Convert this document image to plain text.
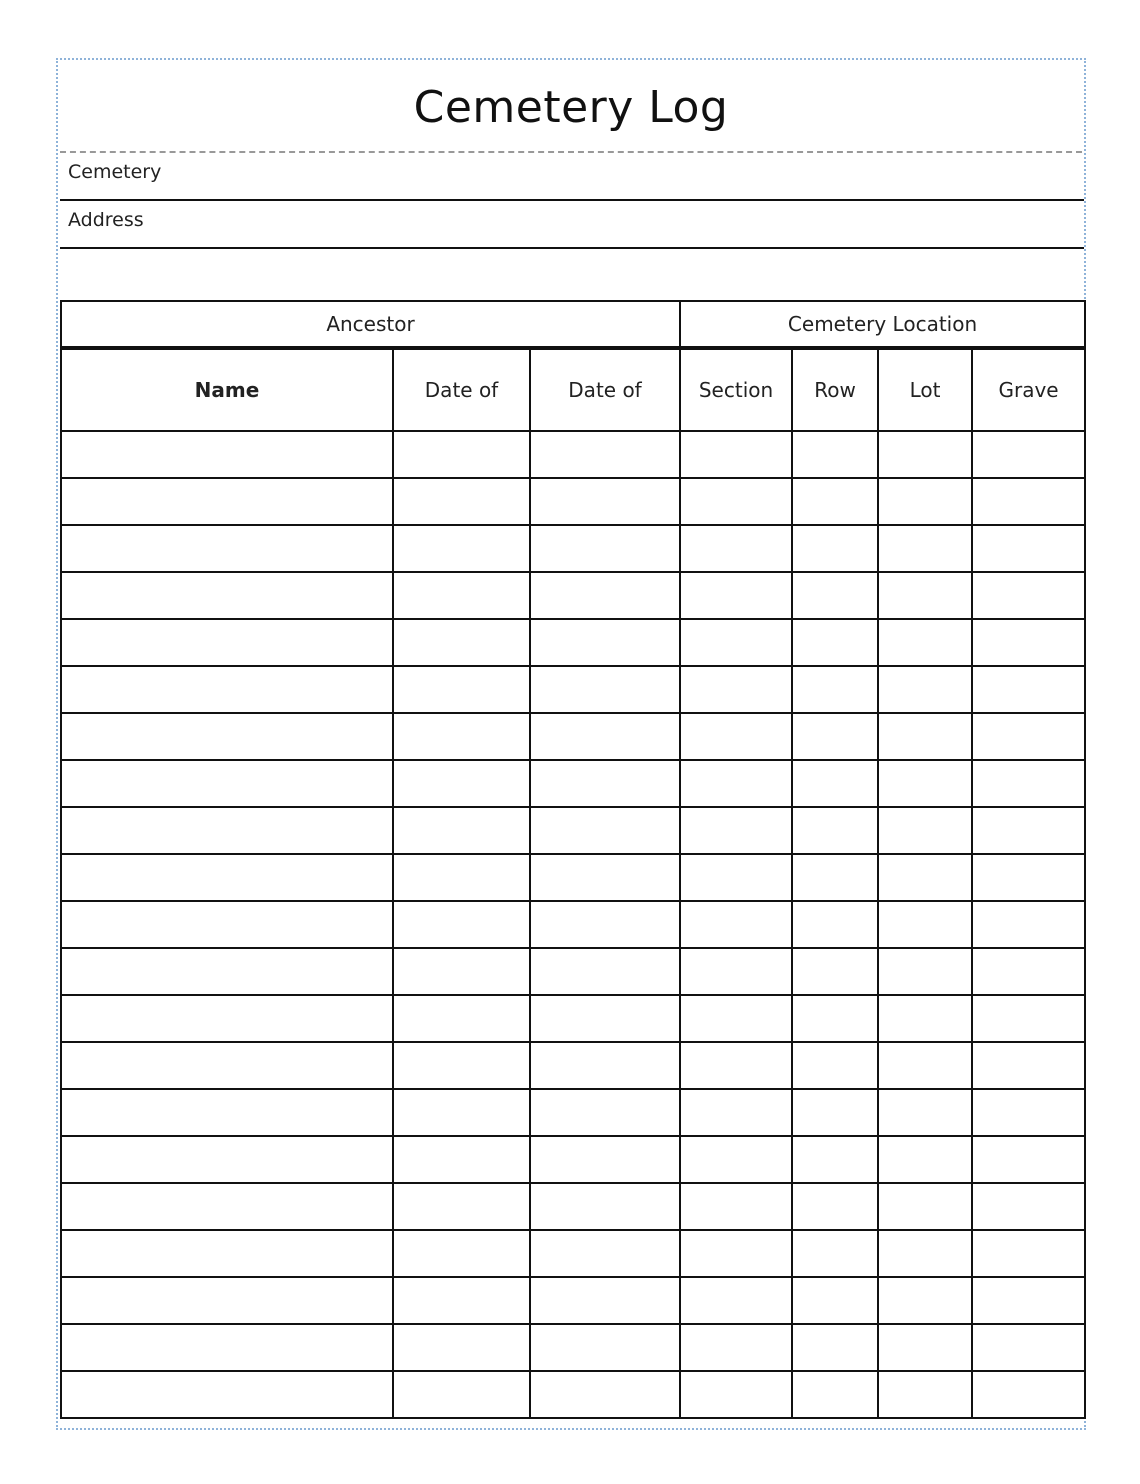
Cemetery Log
Cemetery
Address
Ancestor			Cemetery Location			
Name	Date of	Date of	Section	Row	Lot	Grave
